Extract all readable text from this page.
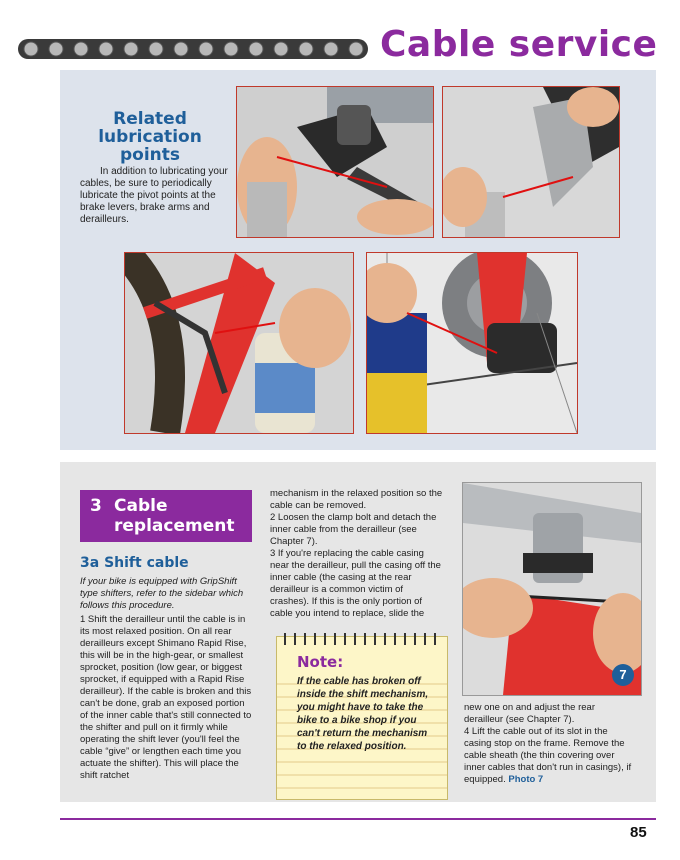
Cable service
Related lubrication points
In addition to lubricating your cables, be sure to periodically lubricate the pivot points at the brake levers, brake arms and derailleurs.
3 Cable replacement
3a Shift cable
If your bike is equipped with GripShift type shifters, refer to the sidebar which follows this procedure.

1 Shift the derailleur until the cable is in its most relaxed position. On all rear derailleurs except Shimano Rapid Rise, this will be in the high-gear, or smallest sprocket, position (low gear, or biggest sprocket, if equipped with a Rapid Rise derailleur). If the cable is broken and this can't be done, grab an exposed portion of the inner cable that's still connected to the shifter and pull on it firmly while operating the shift lever (you'll feel the cable “give” or lengthen each time you actuate the shifter). This will place the shift ratchet

mechanism in the relaxed position so the cable can be removed.

2 Loosen the clamp bolt and detach the inner cable from the derailleur (see Chapter 7).

3 If you're replacing the cable casing near the derailleur, pull the casing off the inner cable (the casing at the rear derailleur is a common victim of crashes). If this is the only portion of cable you intend to replace, slide the

Note:
If the cable has broken off inside the shift mechanism, you might have to take the bike to a bike shop if you can't return the mechanism to the relaxed position.
7

new one on and adjust the rear derailleur (see Chapter 7).

4 Lift the cable out of its slot in the casing stop on the frame. Remove the cable sheath (the thin covering over inner cables that don't run in casings), if equipped. Photo 7

85
